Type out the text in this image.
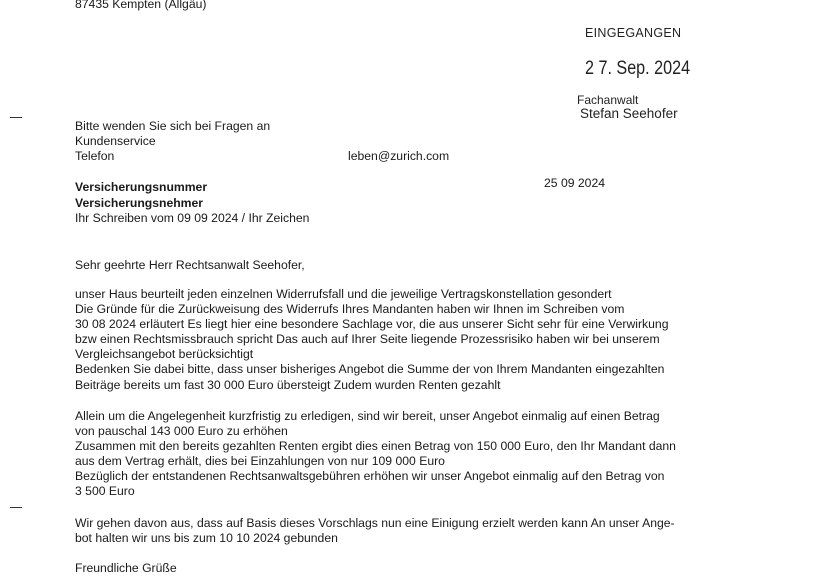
87435 Kempten (Allgäu)
EINGEGANGEN
2 7. Sep. 2024
Fachanwalt
Stefan Seehofer
Bitte wenden Sie sich bei Fragen an
Kundenservice
Telefon	leben@zurich.com
Versicherungsnummer
Versicherungsnehmer
Ihr Schreiben vom 09 09 2024 / Ihr Zeichen
25 09 2024
Sehr geehrte Herr Rechtsanwalt Seehofer,
unser Haus beurteilt jeden einzelnen Widerrufsfall und die jeweilige Vertragskonstellation gesondert
Die Gründe für die Zurückweisung des Widerrufs Ihres Mandanten haben wir Ihnen im Schreiben vom
30 08 2024 erläutert Es liegt hier eine besondere Sachlage vor, die aus unserer Sicht sehr für eine Verwirkung
bzw einen Rechtsmissbrauch spricht Das auch auf Ihrer Seite liegende Prozessrisiko haben wir bei unserem
Vergleichsangebot berücksichtigt
Bedenken Sie dabei bitte, dass unser bisheriges Angebot die Summe der von Ihrem Mandanten eingezahlten
Beiträge bereits um fast 30 000 Euro übersteigt Zudem wurden Renten gezahlt
Allein um die Angelegenheit kurzfristig zu erledigen, sind wir bereit, unser Angebot einmalig auf einen Betrag
von pauschal 143 000 Euro zu erhöhen
Zusammen mit den bereits gezahlten Renten ergibt dies einen Betrag von 150 000 Euro, den Ihr Mandant dann
aus dem Vertrag erhält, dies bei Einzahlungen von nur 109 000 Euro
Bezüglich der entstandenen Rechtsanwaltsgebühren erhöhen wir unser Angebot einmalig auf den Betrag von
3 500 Euro
Wir gehen davon aus, dass auf Basis dieses Vorschlags nun eine Einigung erzielt werden kann An unser Ange-
bot halten wir uns bis zum 10 10 2024 gebunden
Freundliche Grüße
